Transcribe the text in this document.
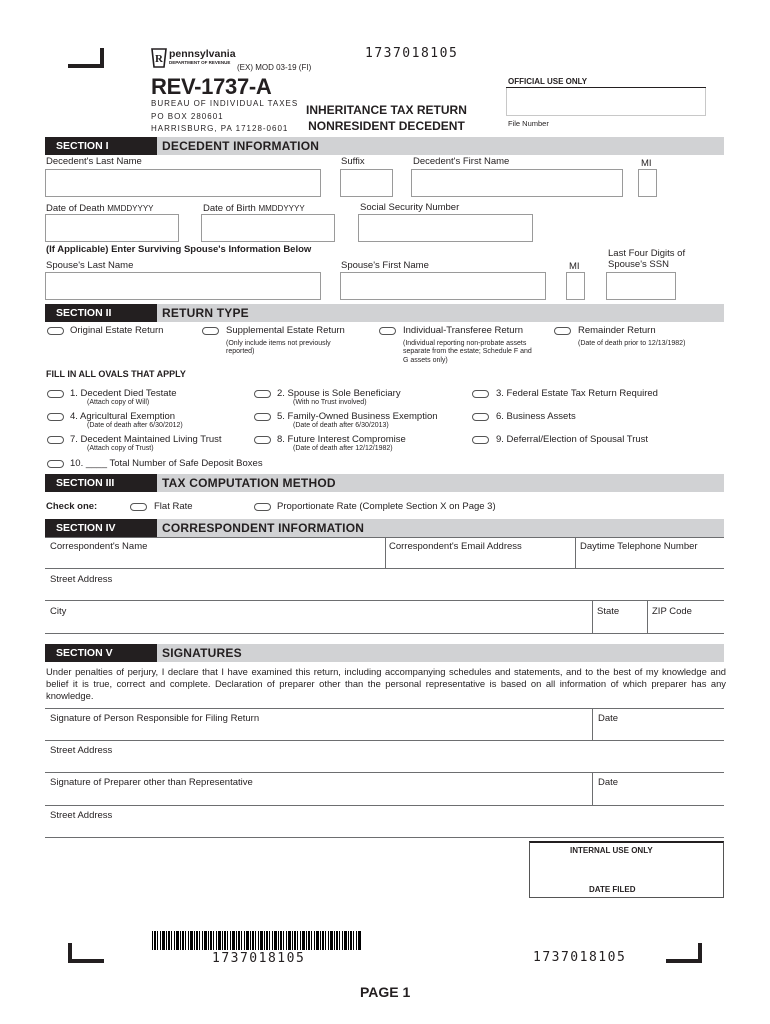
1737018105
R pennsylvania
DEPARTMENT OF REVENUE
(EX) MOD 03-19 (FI)
REV-1737-A
BUREAU OF INDIVIDUAL TAXES
PO BOX 280601
HARRISBURG, PA 17128-0601
INHERITANCE TAX RETURN
NONRESIDENT DECEDENT
OFFICIAL USE ONLY
File Number
SECTION I	DECEDENT INFORMATION
Decedent's Last Name	Suffix	Decedent's First Name	MI
Date of Death MMDDYYYY	Date of Birth MMDDYYYY	Social Security Number
(If Applicable) Enter Surviving Spouse's Information Below
Spouse's Last Name	Spouse's First Name	MI
Last Four Digits of Spouse's SSN
SECTION II	RETURN TYPE
Original Estate Return	Supplemental Estate Return
(Only include items not previously reported)
Individual-Transferee Return
(Individual reporting non-probate assets separate from the estate; Schedule F and G assets only)
Remainder Return
(Date of death prior to 12/13/1982)
FILL IN ALL OVALS THAT APPLY
1. Decedent Died Testate
(Attach copy of Will)
2. Spouse is Sole Beneficiary
(With no Trust involved)
3. Federal Estate Tax Return Required
4. Agricultural Exemption
(Date of death after 6/30/2012)
5. Family-Owned Business Exemption
(Date of death after 6/30/2013)
6. Business Assets
7. Decedent Maintained Living Trust
(Attach copy of Trust)
8. Future Interest Compromise
(Date of death after 12/12/1982)
9. Deferral/Election of Spousal Trust
10. ____ Total Number of Safe Deposit Boxes
SECTION III	TAX COMPUTATION METHOD
Check one:	Flat Rate	Proportionate Rate (Complete Section X on Page 3)
SECTION IV	CORRESPONDENT INFORMATION
Correspondent's Name	Correspondent's Email Address	Daytime Telephone Number
Street Address
City	State	ZIP Code
SECTION V	SIGNATURES
Under penalties of perjury, I declare that I have examined this return, including accompanying schedules and statements, and to the best of my knowledge and belief it is true, correct and complete. Declaration of preparer other than the personal representative is based on all information of which preparer has any knowledge.
Signature of Person Responsible for Filing Return	Date
Street Address
Signature of Preparer other than Representative	Date
Street Address
INTERNAL USE ONLY
DATE FILED
1737018105	1737018105
PAGE 1
